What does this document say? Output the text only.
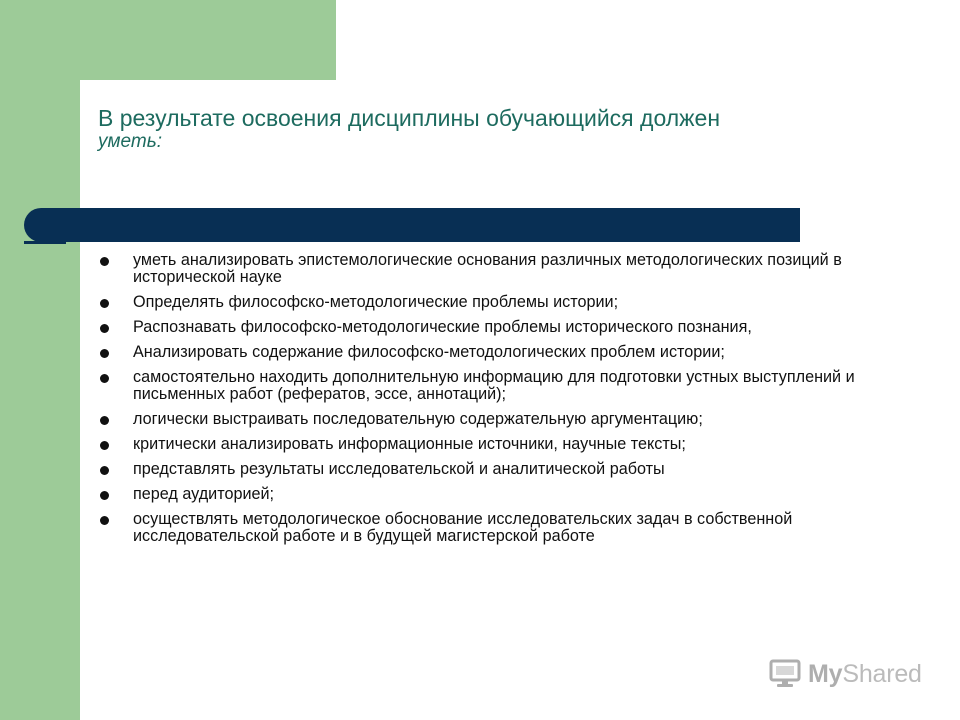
В результате освоения дисциплины обучающийся должен
уметь:
уметь анализировать эпистемологические основания различных методологических позиций в исторической науке
Определять философско-методологические проблемы истории;
Распознавать философско-методологические проблемы исторического познания,
Анализировать содержание философско-методологических проблем истории;
самостоятельно находить дополнительную информацию для подготовки устных выступлений и письменных работ (рефератов, эссе, аннотаций);
логически выстраивать последовательную содержательную аргументацию;
критически анализировать информационные источники, научные тексты;
представлять результаты исследовательской и аналитической работы
перед аудиторией;
осуществлять методологическое обоснование исследовательских задач в собственной исследовательской работе и в будущей магистерской работе
MyShared
